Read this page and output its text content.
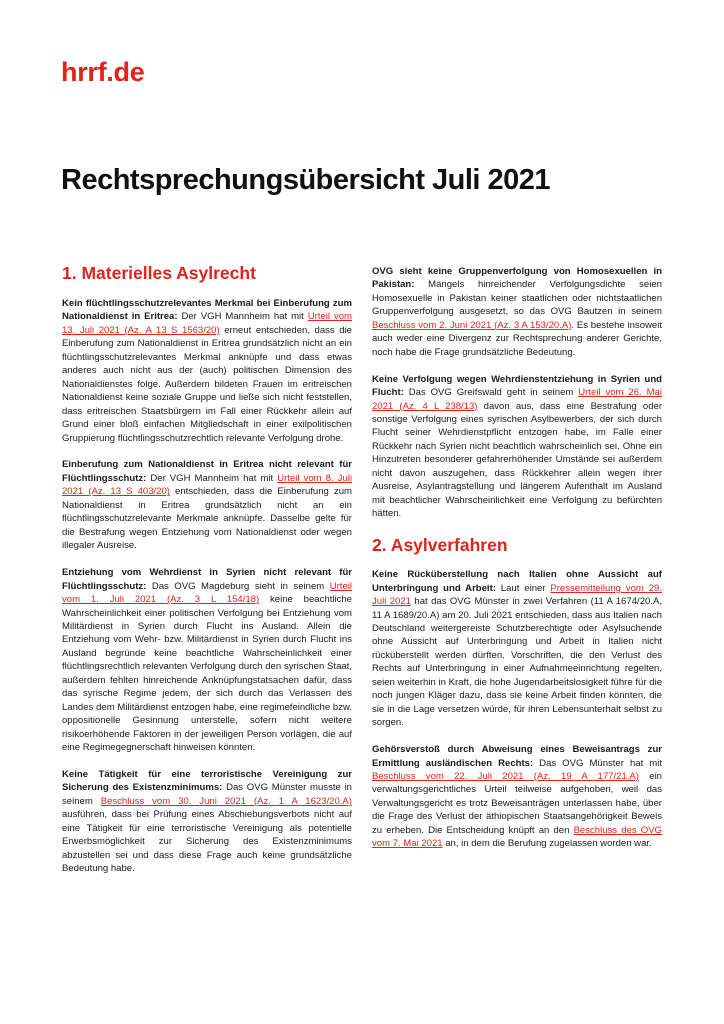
hrrf.de
Rechtsprechungsübersicht Juli 2021
1. Materielles Asylrecht

Kein flüchtlingsschutzrelevantes Merkmal bei Einberufung zum Nationaldienst in Eritrea: Der VGH Mannheim hat mit Urteil vom 13. Juli 2021 (Az. A 13 S 1563/20) erneut entschieden, dass die Einberufung zum Nationaldienst in Eritrea grundsätzlich nicht an ein flüchtlingsschutzrelevantes Merkmal anknüpfe und dass etwas anderes auch nicht aus der (auch) politischen Dimension des Nationaldienstes folge. Außerdem bildeten Frauen im eritreischen Nationaldienst keine soziale Gruppe und ließe sich nicht feststellen, dass eritreischen Staatsbürgern im Fall einer Rückkehr allein auf Grund einer bloß einfachen Mitgliedschaft in einer exilpolitischen Gruppierung flüchtlingsschutzrechtlich relevante Verfolgung drohe.

Einberufung zum Nationaldienst in Eritrea nicht relevant für Flüchtlingsschutz: Der VGH Mannheim hat mit Urteil vom 8. Juli 2021 (Az. 13 S 403/20) entschieden, dass die Einberufung zum Nationaldienst in Eritrea grundsätzlich nicht an ein flüchtlingsschutzrelevante Merkmale anknüpfe. Dasselbe gelte für die Bestrafung wegen Entziehung vom Nationaldienst oder wegen illegaler Ausreise.

Entziehung vom Wehrdienst in Syrien nicht relevant für Flüchtlingsschutz: Das OVG Magdeburg sieht in seinem Urteil vom 1. Juli 2021 (Az. 3 L 154/18) keine beachtliche Wahrscheinlichkeit einer politischen Verfolgung bei Entziehung vom Militärdienst in Syrien durch Flucht ins Ausland. Allein die Entziehung vom Wehr- bzw. Militärdienst in Syrien durch Flucht ins Ausland begründe keine beachtliche Wahrscheinlichkeit einer flüchtlingsrechtlich relevanten Verfolgung durch den syrischen Staat, außerdem fehlten hinreichende Anknüpfungstatsachen dafür, dass das syrische Regime jedem, der sich durch das Verlassen des Landes dem Militärdienst entzogen habe, eine regimefeindliche bzw. oppositionelle Gesinnung unterstelle, sofern nicht weitere risikoerhöhende Faktoren in der jeweiligen Person vorlägen, die auf eine Regimegegnerschaft hinweisen könnten.

Keine Tätigkeit für eine terroristische Vereinigung zur Sicherung des Existenzminimums: Das OVG Münster musste in seinem Beschluss vom 30. Juni 2021 (Az. 1 A 1623/20.A) ausführen, dass bei Prüfung eines Abschiebungsverbots nicht auf eine Tätigkeit für eine terroristische Vereinigung als potentielle Erwerbsmöglichkeit zur Sicherung des Existenzminimums abzustellen sei und dass diese Frage auch keine grundsätzliche Bedeutung habe.

OVG sieht keine Gruppenverfolgung von Homosexuellen in Pakistan: Mangels hinreichender Verfolgungsdichte seien Homosexuelle in Pakistan keiner staatlichen oder nichtstaatlichen Gruppenverfolgung ausgesetzt, so das OVG Bautzen in seinem Beschluss vom 2. Juni 2021 (Az. 3 A 153/20.A). Es bestehe insoweit auch weder eine Divergenz zur Rechtsprechung anderer Gerichte, noch habe die Frage grundsätzliche Bedeutung.

Keine Verfolgung wegen Wehrdienstentziehung in Syrien und Flucht: Das OVG Greifswald geht in seinem Urteil vom 26. Mai 2021 (Az. 4 L 238/13) davon aus, dass eine Bestrafung oder sonstige Verfolgung eines syrischen Asylbewerbers, der sich durch Flucht seiner Wehrdienstpflicht entzogen habe, im Falle einer Rückkehr nach Syrien nicht beachtlich wahrscheinlich sei. Ohne ein Hinzutreten besonderer gefahrerhöhender Umstände sei außerdem nicht davon auszugehen, dass Rückkehrer allein wegen ihrer Ausreise, Asylantragstellung und längerem Aufenthalt im Ausland mit beachtlicher Wahrscheinlichkeit eine Verfolgung zu befürchten hätten.

2. Asylverfahren

Keine Rücküberstellung nach Italien ohne Aussicht auf Unterbringung und Arbeit: Laut einer Pressemitteilung vom 29. Juli 2021 hat das OVG Münster in zwei Verfahren (11 A 1674/20.A, 11 A 1689/20.A) am 20. Juli 2021 entschieden, dass aus Italien nach Deutschland weitergereiste Schutzberechtigte oder Asylsuchende ohne Aussicht auf Unterbringung und Arbeit in Italien nicht rücküberstellt werden dürften. Vorschriften, die den Verlust des Rechts auf Unterbringung in einer Aufnahmeeinrichtung regelten, seien weiterhin in Kraft, die hohe Jugendarbeitslosigkeit führe für die noch jungen Kläger dazu, dass sie keine Arbeit finden könnten, die sie in die Lage versetzen würde, für ihren Lebensunterhalt selbst zu sorgen.

Gehörsverstoß durch Abweisung eines Beweisantrags zur Ermittlung ausländischen Rechts: Das OVG Münster hat mit Beschluss vom 22. Juli 2021 (Az. 19 A 177/21.A) ein verwaltungsgerichtliches Urteil teilweise aufgehoben, weil das Verwaltungsgericht es trotz Beweisanträgen unterlassen habe, über die Frage des Verlust der äthiopischen Staatsangehörigkeit Beweis zu erheben. Die Entscheidung knüpft an den Beschluss des OVG vom 7. Mai 2021 an, in dem die Berufung zugelassen worden war.
